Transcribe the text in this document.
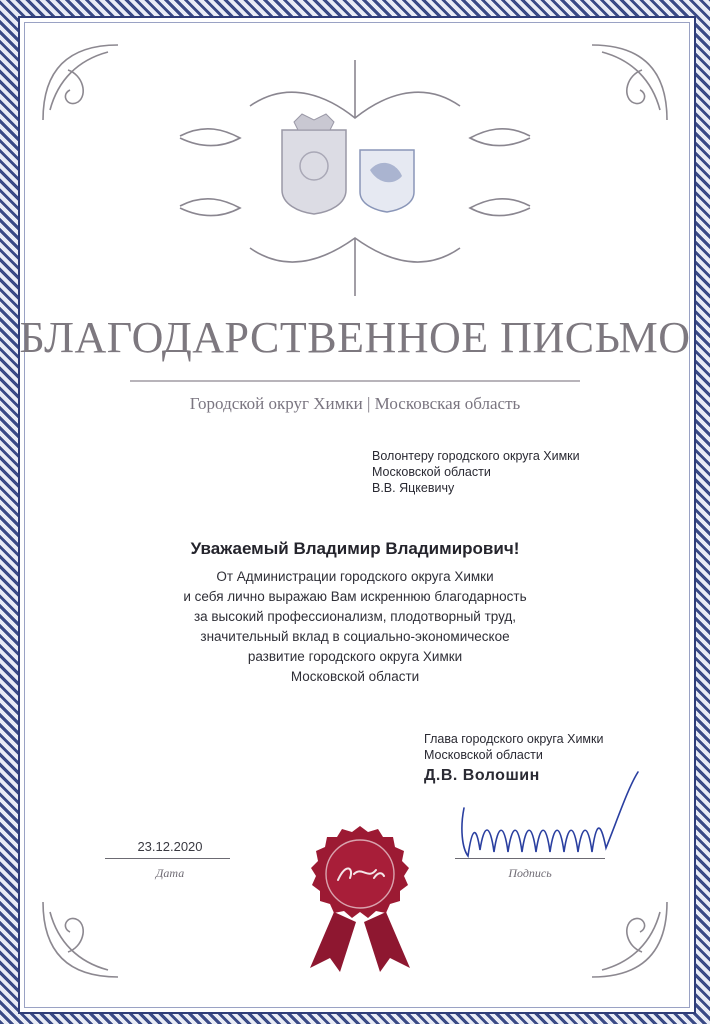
БЛАГОДАРСТВЕННОЕ ПИСЬМО
Городской округ Химки | Московская область
Волонтеру городского округа Химки
Московской области
В.В. Яцкевичу
Уважаемый Владимир Владимирович!
От Администрации городского округа Химки
и себя лично выражаю Вам искреннюю благодарность
за высокий профессионализм, плодотворный труд,
значительный вклад в социально-экономическое
развитие городского округа Химки
Московской области
Глава городского округа Химки
Московской области
Д.В. Волошин
23.12.2020
Дата	Подпись
